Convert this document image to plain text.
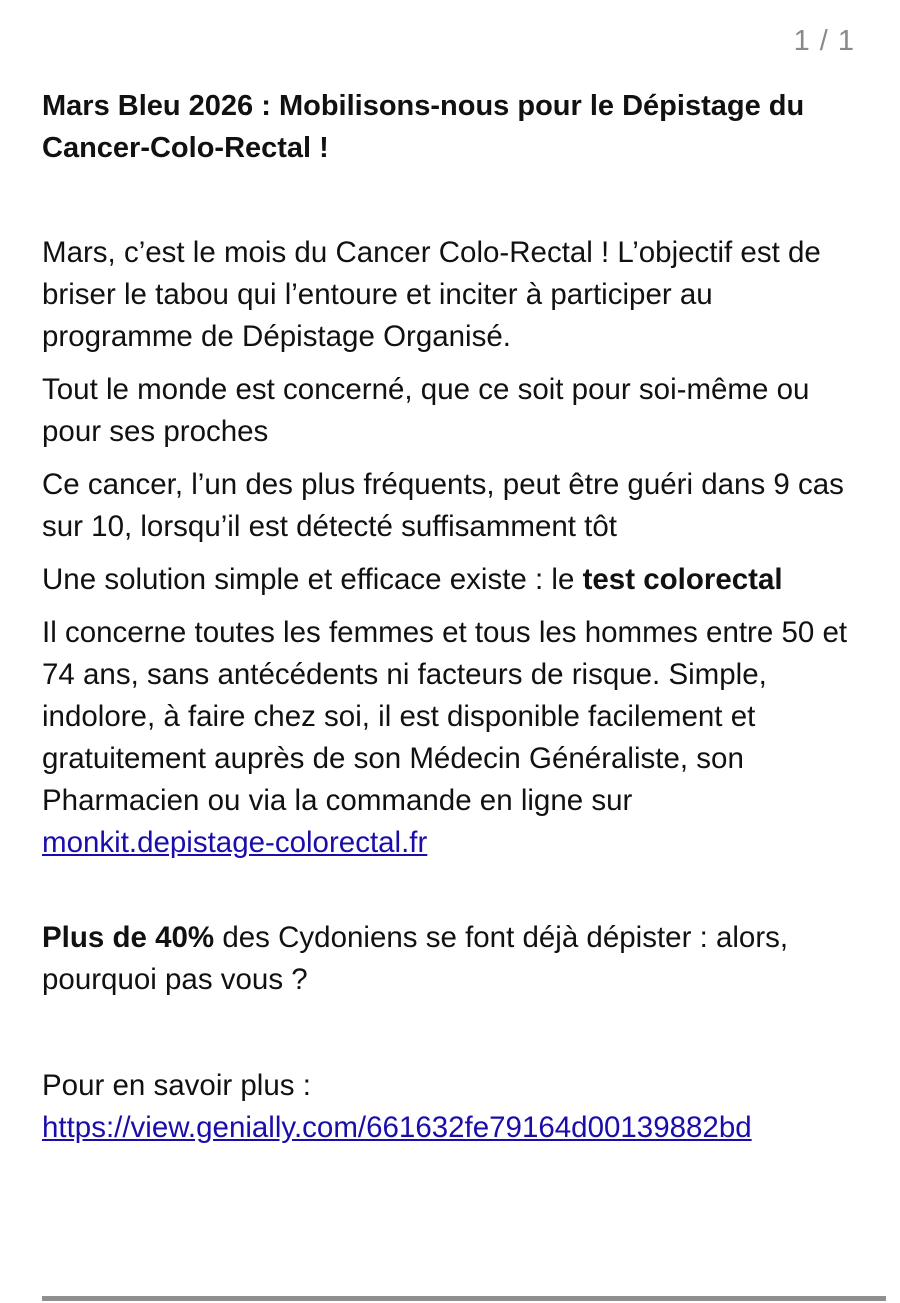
1 / 1
Mars Bleu 2026 : Mobilisons-nous pour le Dépistage du Cancer-Colo-Rectal !

Mars, c’est le mois du Cancer Colo-Rectal ! L’objectif est de briser le tabou qui l’entoure et inciter à participer au programme de Dépistage Organisé.

Tout le monde est concerné, que ce soit pour soi-même ou pour ses proches

Ce cancer, l’un des plus fréquents, peut être guéri dans 9 cas sur 10, lorsqu’il est détecté suffisamment tôt

Une solution simple et efficace existe : le test colorectal

Il concerne toutes les femmes et tous les hommes entre 50 et 74 ans, sans antécédents ni facteurs de risque. Simple, indolore, à faire chez soi, il est disponible facilement et gratuitement auprès de son Médecin Généraliste, son Pharmacien ou via la commande en ligne sur monkit.depistage-colorectal.fr

Plus de 40% des Cydoniens se font déjà dépister : alors, pourquoi pas vous ?

Pour en savoir plus :
https://view.genially.com/661632fe79164d00139882bd
